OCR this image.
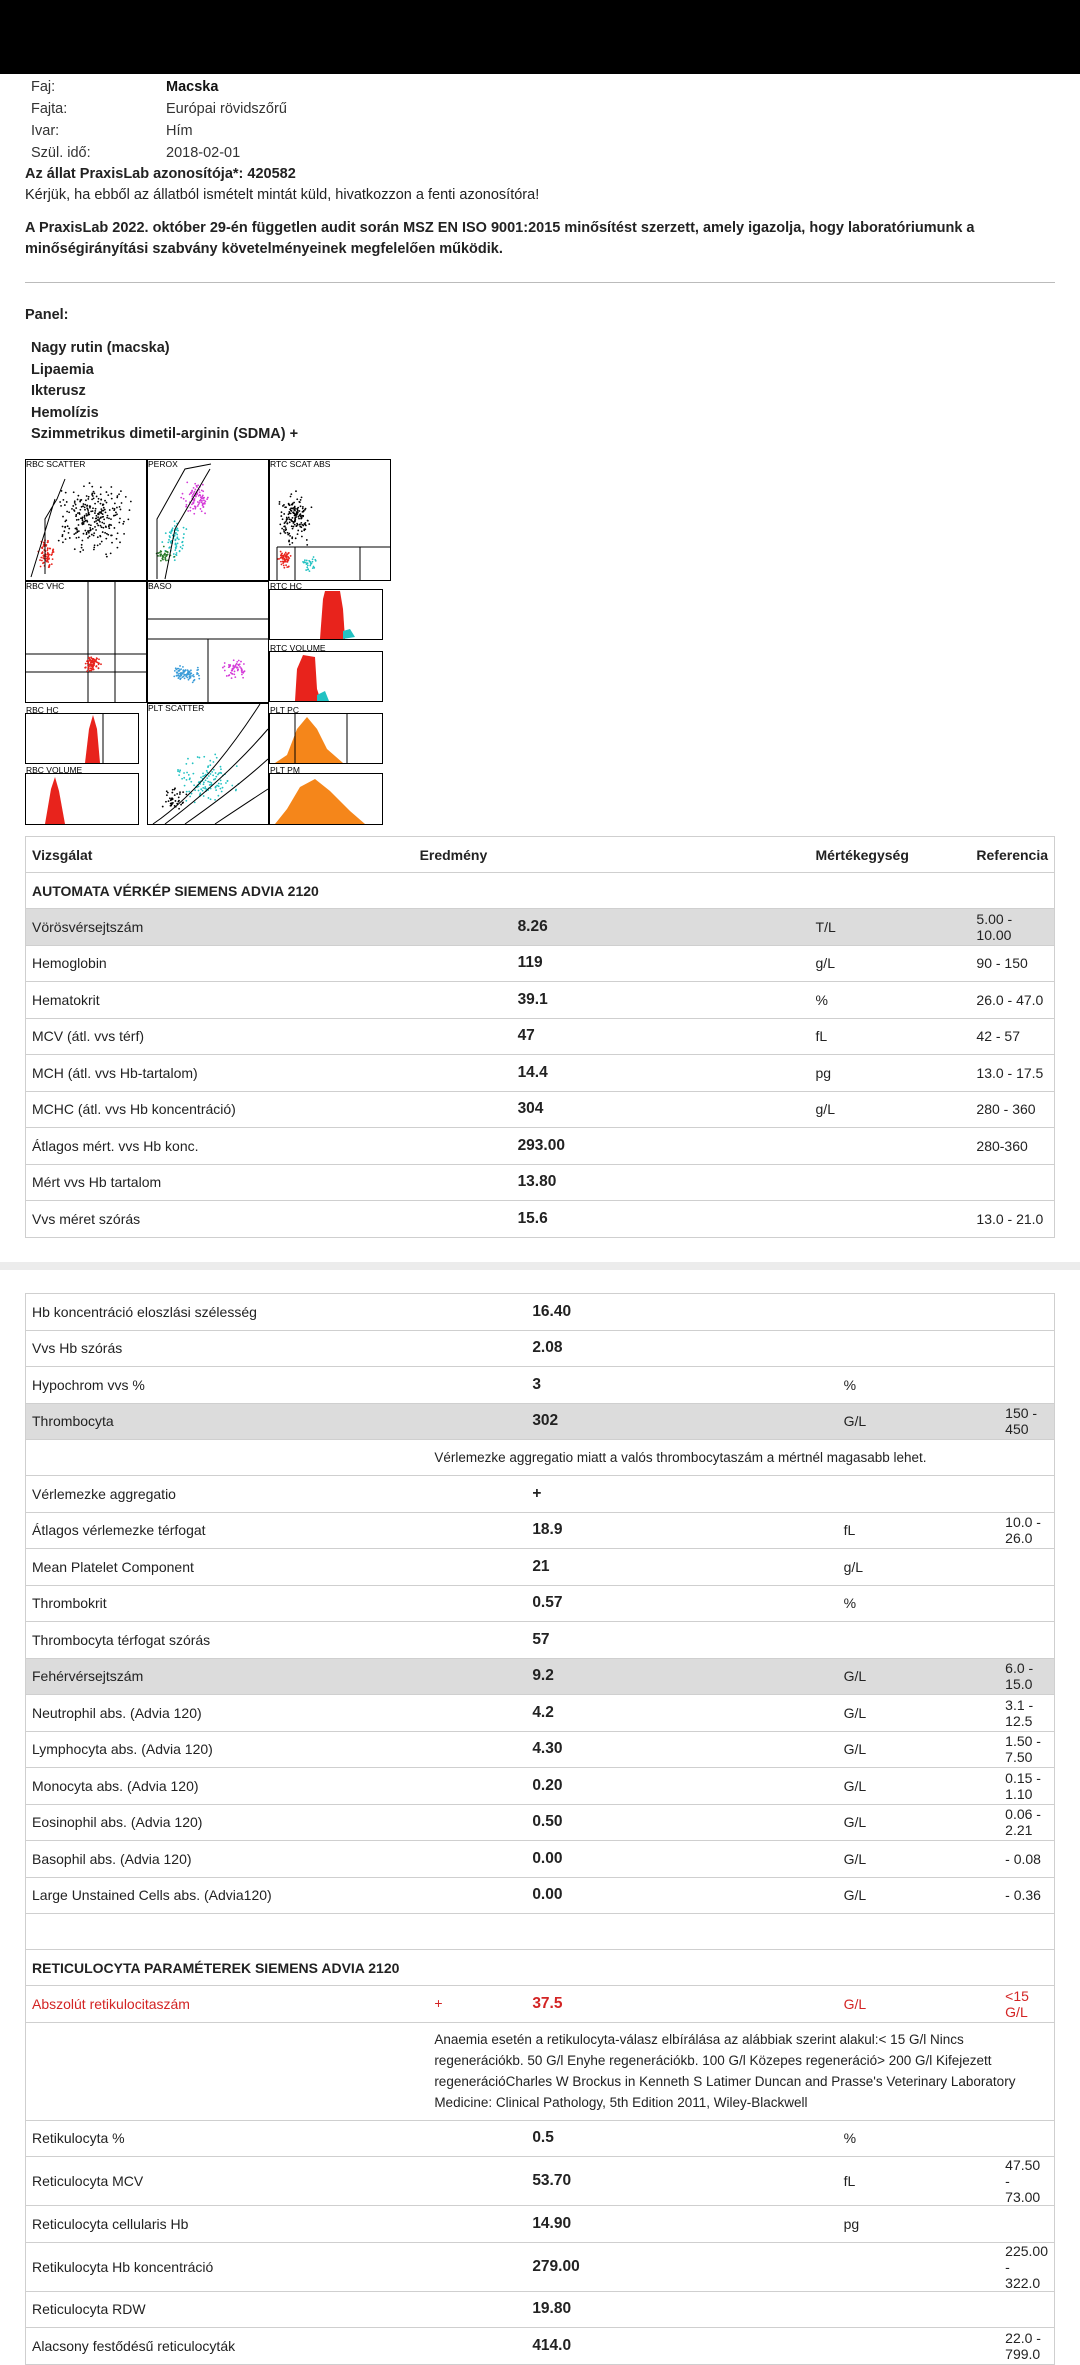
Faj:	Macska
Fajta:	Európai rövidszőrű
Ivar:	Hím
Szül. idő:	2018-02-01
Az állat PraxisLab azonosítója*: 420582
Kérjük, ha ebből az állatból ismételt mintát küld, hivatkozzon a fenti azonosítóra!
A PraxisLab 2022. október 29-én független audit során MSZ EN ISO 9001:2015 minősítést szerzett, amely igazolja, hogy laboratóriumunk a
minőségirányítási szabvány követelményeinek megfelelően működik.
Panel:
Nagy rutin (macska)
Lipaemia
Ikterusz
Hemolízis
Szimmetrikus dimetil-arginin (SDMA) +
RBC SCATTER	PEROX	RTC SCAT ABS
RBC VHC	BASO	RTC HC
RTC VOLUME
RBC HC	PLT SCATTER	PLT PC
RBC VOLUME	PLT PM
Vizsgálat	Eredmény	Mértékegység	Referencia
AUTOMATA VÉRKÉP SIEMENS ADVIA 2120			
Vörösvérsejtszám	8.26	T/L	5.00 - 10.00
Hemoglobin	119	g/L	90 - 150
Hematokrit	39.1	%	26.0 - 47.0
MCV (átl. vvs térf)	47	fL	42 - 57
MCH (átl. vvs Hb-tartalom)	14.4	pg	13.0 - 17.5
MCHC (átl. vvs Hb koncentráció)	304	g/L	280 - 360
Átlagos mért. vvs Hb konc.	293.00		280-360
Mért vvs Hb tartalom	13.80		
Vvs méret szórás	15.6		13.0 - 21.0
Hb koncentráció eloszlási szélesség	16.40		
Vvs Hb szórás	2.08		
Hypochrom vvs %	3	%	
Thrombocyta	302	G/L	150 - 450
	Vérlemezke aggregatio miatt a valós thrombocytaszám a mértnél magasabb lehet.		
Vérlemezke aggregatio	+		
Átlagos vérlemezke térfogat	18.9	fL	10.0 - 26.0
Mean Platelet Component	21	g/L	
Thrombokrit	0.57	%	
Thrombocyta térfogat szórás	57		
Fehérvérsejtszám	9.2	G/L	6.0 - 15.0
Neutrophil abs. (Advia 120)	4.2	G/L	3.1 - 12.5
Lymphocyta abs. (Advia 120)	4.30	G/L	1.50 - 7.50
Monocyta abs. (Advia 120)	0.20	G/L	0.15 - 1.10
Eosinophil abs. (Advia 120)	0.50	G/L	0.06 - 2.21
Basophil abs. (Advia 120)	0.00	G/L	- 0.08
Large Unstained Cells abs. (Advia120)	0.00	G/L	- 0.36

RETICULOCYTA PARAMÉTEREK SIEMENS ADVIA 2120			
Abszolút retikulocitaszám	+ 37.5	G/L	<15 G/L
	Anaemia esetén a retikulocyta-válasz elbírálása az alábbiak szerint alakul:< 15 G/l Nincs regenerációkb. 50 G/l Enyhe regenerációkb. 100 G/l Közepes regeneráció> 200 G/l Kifejezett regenerációCharles W Brockus in Kenneth S Latimer Duncan and Prasse's Veterinary Laboratory Medicine: Clinical Pathology, 5th Edition 2011, Wiley-Blackwell		
Retikulocyta %	0.5	%	
Reticulocyta MCV	53.70	fL	47.50 - 73.00
Reticulocyta cellularis Hb	14.90	pg	
Retikulocyta Hb koncentráció	279.00		225.00 - 322.0
Reticulocyta RDW	19.80		
Alacsony festődésű reticulocyták	414.0		22.0 - 799.0
